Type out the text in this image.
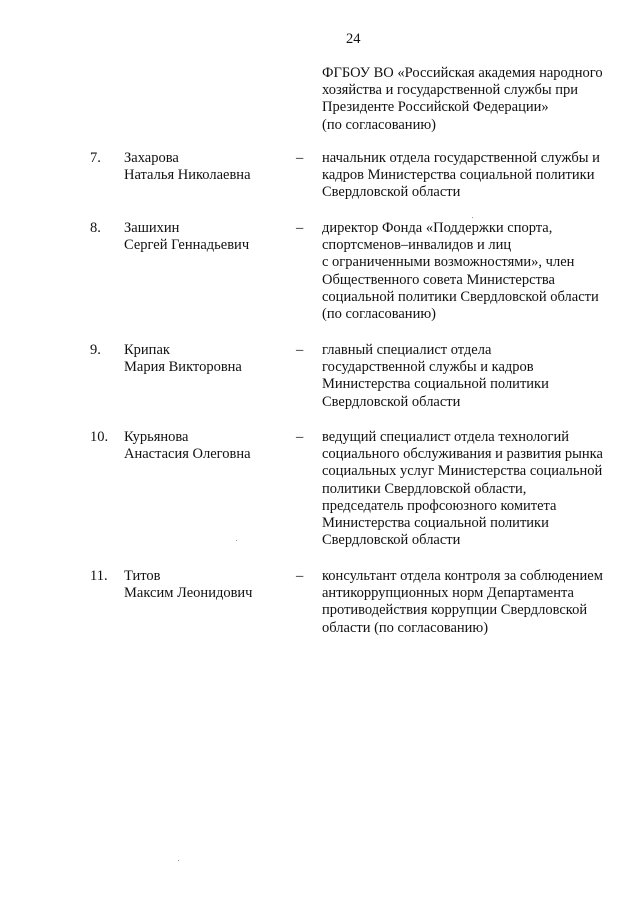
24
ФГБОУ ВО «Российская академия народного
хозяйства и государственной службы при
Президенте Российской Федерации»
(по согласованию)
7.	Захарова
Наталья Николаевна
–	начальник отдела государственной службы и
кадров Министерства социальной политики
Свердловской области
8.	Зашихин
Сергей Геннадьевич
–	директор Фонда «Поддержки спорта,
спортсменов–инвалидов и лиц
с ограниченными возможностями», член
Общественного совета Министерства
социальной политики Свердловской области
(по согласованию)
9.	Крипак
Мария Викторовна
–	главный специалист отдела
государственной службы и кадров
Министерства социальной политики
Свердловской области
10.	Курьянова
Анастасия Олеговна
–	ведущий специалист отдела технологий
социального обслуживания и развития рынка
социальных услуг Министерства социальной
политики Свердловской области,
председатель профсоюзного комитета
Министерства социальной политики
Свердловской области
11.	Титов
Максим Леонидович
–	консультант отдела контроля за соблюдением
антикоррупционных норм Департамента
противодействия коррупции Свердловской
области (по согласованию)
